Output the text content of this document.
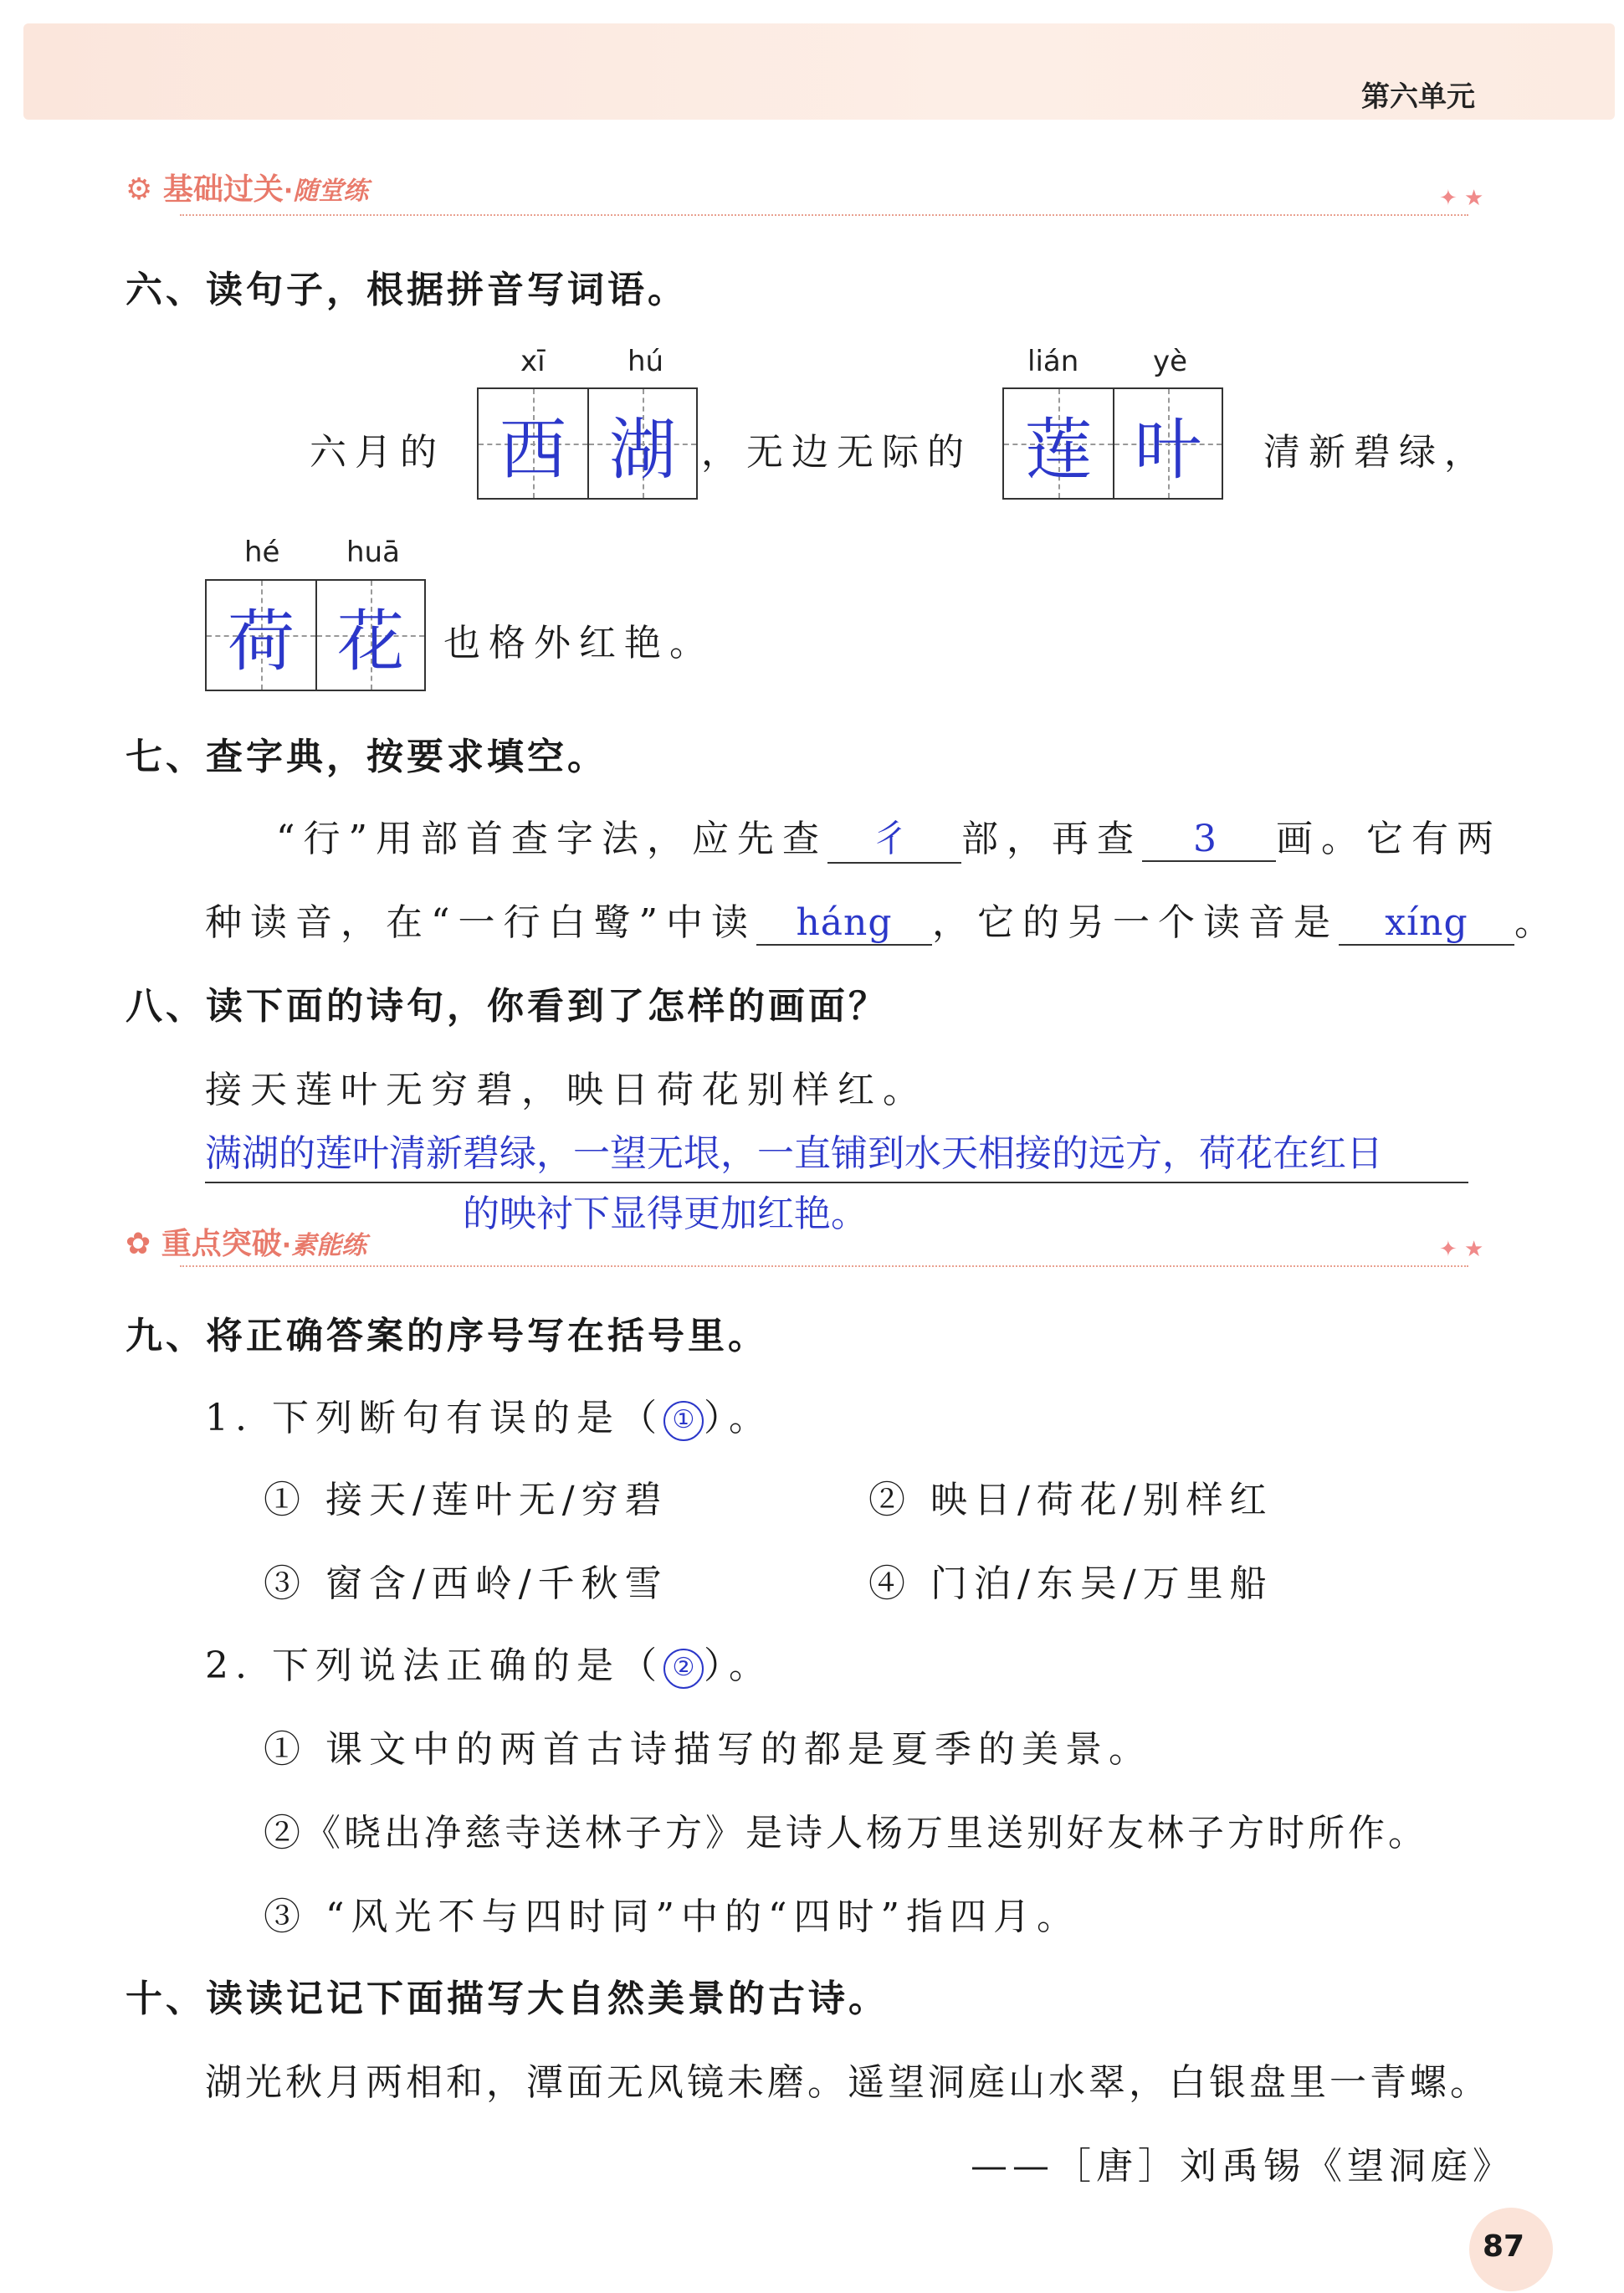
第六单元
⚙ 基础过关·随堂练	✦ ★
六、读句子，根据拼音写词语。
六月的
xī	hú
西 湖 ，无边无际的
lián	yè
莲 叶 清新碧绿，
hé huā
荷 花 也格外红艳。
七、查字典，按要求填空。
“行”用部首查字法，应先查 彳 部，再查 3 画。它有两
种读音，在“一行白鹭”中读 háng ，它的另一个读音是 xíng 。
八、读下面的诗句，你看到了怎样的画面？
接天莲叶无穷碧，映日荷花别样红。
满湖的莲叶清新碧绿，一望无垠，一直铺到水天相接的远方，荷花在红日
的映衬下显得更加红艳。
✿ 重点突破·素能练	✦ ★
九、将正确答案的序号写在括号里。
1. 下列断句有误的是（ ① ）。
① 接天/莲叶无/穷碧	② 映日/荷花/别样红
③ 窗含/西岭/千秋雪	④ 门泊/东吴/万里船
2. 下列说法正确的是（ ② ）。
① 课文中的两首古诗描写的都是夏季的美景。
②《晓出净慈寺送林子方》是诗人杨万里送别好友林子方时所作。
③ “风光不与四时同”中的“四时”指四月。
十、读读记记下面描写大自然美景的古诗。
湖光秋月两相和，潭面无风镜未磨。遥望洞庭山水翠，白银盘里一青螺。
——［唐］刘禹锡《望洞庭》
87
